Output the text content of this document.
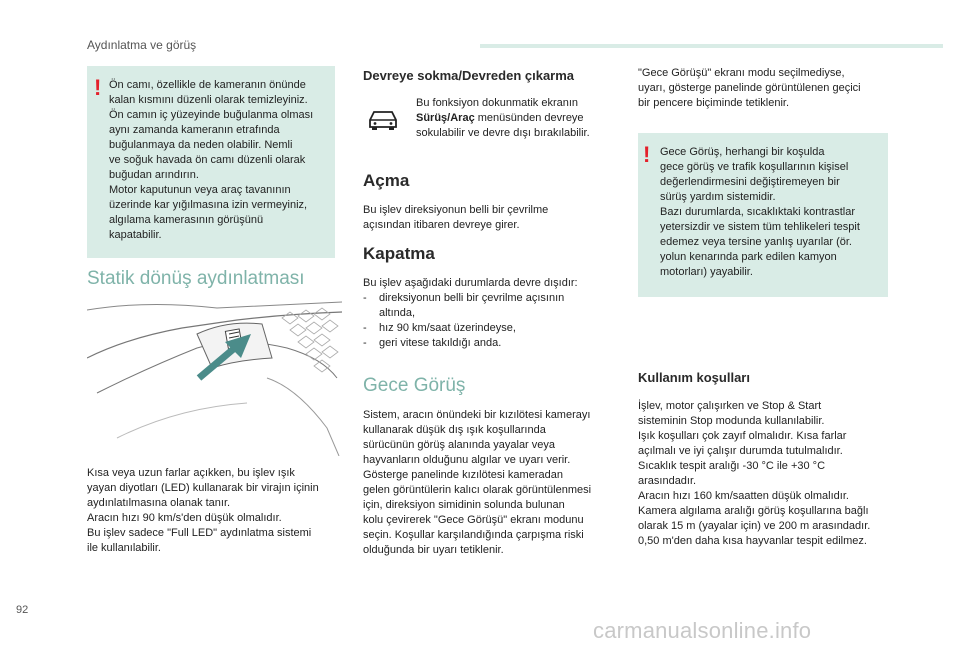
Aydınlatma ve görüş
! Ön camı, özellikle de kameranın önünde

kalan kısmını düzenli olarak temizleyiniz.

Ön camın iç yüzeyinde buğulanma olması

aynı zamanda kameranın etrafında

buğulanmaya da neden olabilir. Nemli

ve soğuk havada ön camı düzenli olarak

buğudan arındırın.

Motor kaputunun veya araç tavanının

üzerinde kar yığılmasına izin vermeyiniz,

algılama kamerasının görüşünü

kapatabilir.

Statik dönüş aydınlatması

Kısa veya uzun farlar açıkken, bu işlev ışık

yayan diyotları (LED) kullanarak bir virajın içinin

aydınlatılmasına olanak tanır.

Aracın hızı 90 km/s'den düşük olmalıdır.

Bu işlev sadece "Full LED" aydınlatma sistemi

ile kullanılabilir.

Devreye sokma/Devreden çıkarma

Bu fonksiyon dokunmatik ekranın

Sürüş/Araç menüsünden devreye

sokulabilir ve devre dışı bırakılabilir.

Açma

Bu işlev direksiyonun belli bir çevrilme

açısından itibaren devreye girer.

Kapatma

Bu işlev aşağıdaki durumlarda devre dışıdır:

- direksiyonun belli bir çevrilme açısının altında,
- hız 90 km/saat üzerindeyse,
- geri vitese takıldığı anda.
Gece Görüş

Sistem, aracın önündeki bir kızılötesi kamerayı

kullanarak düşük dış ışık koşullarında

sürücünün görüş alanında yayalar veya

hayvanların olduğunu algılar ve uyarı verir.

Gösterge panelinde kızılötesi kameradan

gelen görüntülerin kalıcı olarak görüntülenmesi

için, direksiyon simidinin solunda bulunan

kolu çevirerek "Gece Görüşü" ekranı modunu

seçin. Koşullar karşılandığında çarpışma riski

olduğunda bir uyarı tetiklenir.

"Gece Görüşü" ekranı modu seçilmediyse,

uyarı, gösterge panelinde görüntülenen geçici

bir pencere biçiminde tetiklenir.

! Gece Görüş, herhangi bir koşulda

gece görüş ve trafik koşullarının kişisel

değerlendirmesini değiştiremeyen bir

sürüş yardım sistemidir.

Bazı durumlarda, sıcaklıktaki kontrastlar

yetersizdir ve sistem tüm tehlikeleri tespit

edemez veya tersine yanlış uyarılar (ör.

yolun kenarında park edilen kamyon

motorları) yayabilir.

Kullanım koşulları

İşlev, motor çalışırken ve Stop & Start

sisteminin Stop modunda kullanılabilir.

Işık koşulları çok zayıf olmalıdır. Kısa farlar

açılmalı ve iyi çalışır durumda tutulmalıdır.

Sıcaklık tespit aralığı -30 °C ile +30 °C

arasındadır.

Aracın hızı 160 km/saatten düşük olmalıdır.

Kamera algılama aralığı görüş koşullarına bağlı

olarak 15 m (yayalar için) ve 200 m arasındadır.

0,50 m'den daha kısa hayvanlar tespit edilmez.

92
carmanualsonline.info
